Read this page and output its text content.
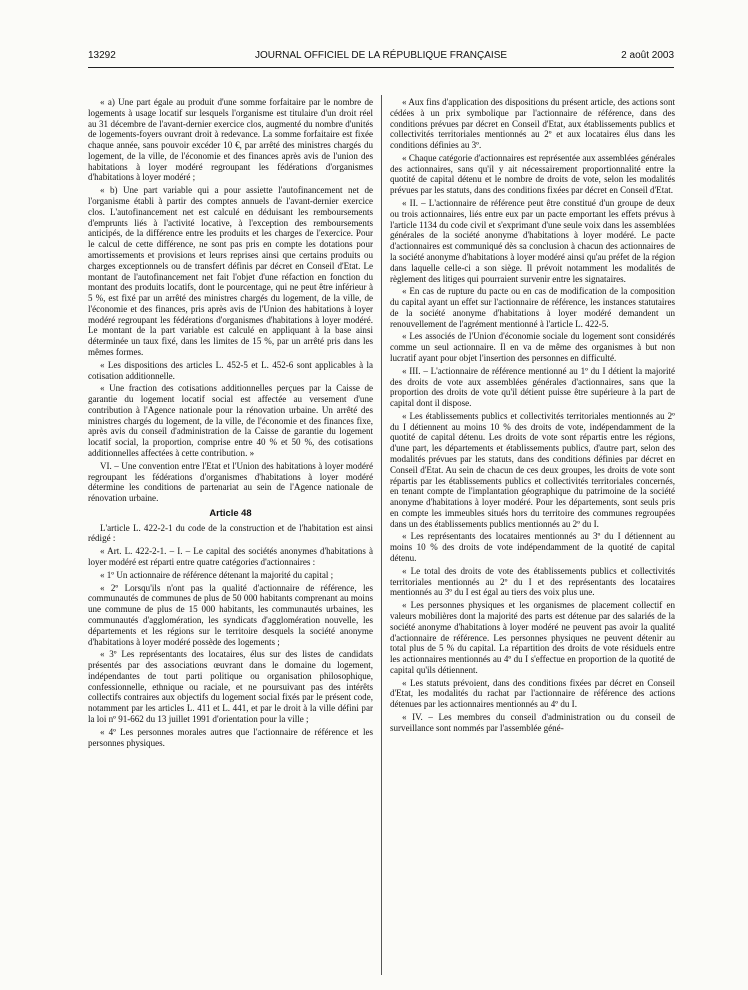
13292	JOURNAL OFFICIEL DE LA RÉPUBLIQUE FRANÇAISE	2 août 2003

« a) Une part égale au produit d'une somme forfaitaire par le nombre de logements à usage locatif sur lesquels l'organisme est titulaire d'un droit réel au 31 décembre de l'avant-dernier exercice clos, augmenté du nombre d'unités de logements-foyers ouvrant droit à redevance. La somme forfaitaire est fixée chaque année, sans pouvoir excéder 10 €, par arrêté des ministres chargés du logement, de la ville, de l'économie et des finances après avis de l'union des habitations à loyer modéré regroupant les fédérations d'organismes d'habitations à loyer modéré ;

« b) Une part variable qui a pour assiette l'autofinancement net de l'organisme établi à partir des comptes annuels de l'avant-dernier exercice clos. L'autofinancement net est calculé en déduisant les remboursements d'emprunts liés à l'activité locative, à l'exception des remboursements anticipés, de la différence entre les produits et les charges de l'exercice. Pour le calcul de cette différence, ne sont pas pris en compte les dotations pour amortissements et provisions et leurs reprises ainsi que certains produits ou charges exceptionnels ou de transfert définis par décret en Conseil d'Etat. Le montant de l'autofinancement net fait l'objet d'une réfaction en fonction du montant des produits locatifs, dont le pourcentage, qui ne peut être inférieur à 5 %, est fixé par un arrêté des ministres chargés du logement, de la ville, de l'économie et des finances, pris après avis de l'Union des habitations à loyer modéré regroupant les fédérations d'organismes d'habitations à loyer modéré. Le montant de la part variable est calculé en appliquant à la base ainsi déterminée un taux fixé, dans les limites de 15 %, par un arrêté pris dans les mêmes formes.

« Les dispositions des articles L. 452-5 et L. 452-6 sont applicables à la cotisation additionnelle.

« Une fraction des cotisations additionnelles perçues par la Caisse de garantie du logement locatif social est affectée au versement d'une contribution à l'Agence nationale pour la rénovation urbaine. Un arrêté des ministres chargés du logement, de la ville, de l'économie et des finances fixe, après avis du conseil d'administration de la Caisse de garantie du logement locatif social, la proportion, comprise entre 40 % et 50 %, des cotisations additionnelles affectées à cette contribution. »

VI. – Une convention entre l'Etat et l'Union des habitations à loyer modéré regroupant les fédérations d'organismes d'habitations à loyer modéré détermine les conditions de partenariat au sein de l'Agence nationale de rénovation urbaine.

Article 48

L'article L. 422-2-1 du code de la construction et de l'habitation est ainsi rédigé :

« Art. L. 422-2-1. – I. – Le capital des sociétés anonymes d'habitations à loyer modéré est réparti entre quatre catégories d'actionnaires :

« 1º Un actionnaire de référence détenant la majorité du capital ;

« 2º Lorsqu'ils n'ont pas la qualité d'actionnaire de référence, les communautés de communes de plus de 50 000 habitants comprenant au moins une commune de plus de 15 000 habitants, les communautés urbaines, les communautés d'agglomération, les syndicats d'agglomération nouvelle, les départements et les régions sur le territoire desquels la société anonyme d'habitations à loyer modéré possède des logements ;

« 3º Les représentants des locataires, élus sur des listes de candidats présentés par des associations œuvrant dans le domaine du logement, indépendantes de tout parti politique ou organisation philosophique, confessionnelle, ethnique ou raciale, et ne poursuivant pas des intérêts collectifs contraires aux objectifs du logement social fixés par le présent code, notamment par les articles L. 411 et L. 441, et par le droit à la ville défini par la loi nº 91-662 du 13 juillet 1991 d'orientation pour la ville ;

« 4º Les personnes morales autres que l'actionnaire de référence et les personnes physiques.

« Aux fins d'application des dispositions du présent article, des actions sont cédées à un prix symbolique par l'actionnaire de référence, dans des conditions prévues par décret en Conseil d'Etat, aux établissements publics et collectivités territoriales mentionnés au 2º et aux locataires élus dans les conditions définies au 3º.

« Chaque catégorie d'actionnaires est représentée aux assemblées générales des actionnaires, sans qu'il y ait nécessairement proportionnalité entre la quotité de capital détenu et le nombre de droits de vote, selon les modalités prévues par les statuts, dans des conditions fixées par décret en Conseil d'Etat.

« II. – L'actionnaire de référence peut être constitué d'un groupe de deux ou trois actionnaires, liés entre eux par un pacte emportant les effets prévus à l'article 1134 du code civil et s'exprimant d'une seule voix dans les assemblées générales de la société anonyme d'habitations à loyer modéré. Le pacte d'actionnaires est communiqué dès sa conclusion à chacun des actionnaires de la société anonyme d'habitations à loyer modéré ainsi qu'au préfet de la région dans laquelle celle-ci a son siège. Il prévoit notamment les modalités de règlement des litiges qui pourraient survenir entre les signataires.

« En cas de rupture du pacte ou en cas de modification de la composition du capital ayant un effet sur l'actionnaire de référence, les instances statutaires de la société anonyme d'habitations à loyer modéré demandent un renouvellement de l'agrément mentionné à l'article L. 422-5.

« Les associés de l'Union d'économie sociale du logement sont considérés comme un seul actionnaire. Il en va de même des organismes à but non lucratif ayant pour objet l'insertion des personnes en difficulté.

« III. – L'actionnaire de référence mentionné au 1º du I détient la majorité des droits de vote aux assemblées générales d'actionnaires, sans que la proportion des droits de vote qu'il détient puisse être supérieure à la part de capital dont il dispose.

« Les établissements publics et collectivités territoriales mentionnés au 2º du I détiennent au moins 10 % des droits de vote, indépendamment de la quotité de capital détenu. Les droits de vote sont répartis entre les régions, d'une part, les départements et établissements publics, d'autre part, selon des modalités prévues par les statuts, dans des conditions définies par décret en Conseil d'Etat. Au sein de chacun de ces deux groupes, les droits de vote sont répartis par les établissements publics et collectivités territoriales concernés, en tenant compte de l'implantation géographique du patrimoine de la société anonyme d'habitations à loyer modéré. Pour les départements, sont seuls pris en compte les immeubles situés hors du territoire des communes regroupées dans un des établissements publics mentionnés au 2º du I.

« Les représentants des locataires mentionnés au 3º du I détiennent au moins 10 % des droits de vote indépendamment de la quotité de capital détenu.

« Le total des droits de vote des établissements publics et collectivités territoriales mentionnés au 2º du I et des représentants des locataires mentionnés au 3º du I est égal au tiers des voix plus une.

« Les personnes physiques et les organismes de placement collectif en valeurs mobilières dont la majorité des parts est détenue par des salariés de la société anonyme d'habitations à loyer modéré ne peuvent pas avoir la qualité d'actionnaire de référence. Les personnes physiques ne peuvent détenir au total plus de 5 % du capital. La répartition des droits de vote résiduels entre les actionnaires mentionnés au 4º du I s'effectue en proportion de la quotité de capital qu'ils détiennent.

« Les statuts prévoient, dans des conditions fixées par décret en Conseil d'Etat, les modalités du rachat par l'actionnaire de référence des actions détenues par les actionnaires mentionnés au 4º du I.

« IV. – Les membres du conseil d'administration ou du conseil de surveillance sont nommés par l'assemblée géné-
